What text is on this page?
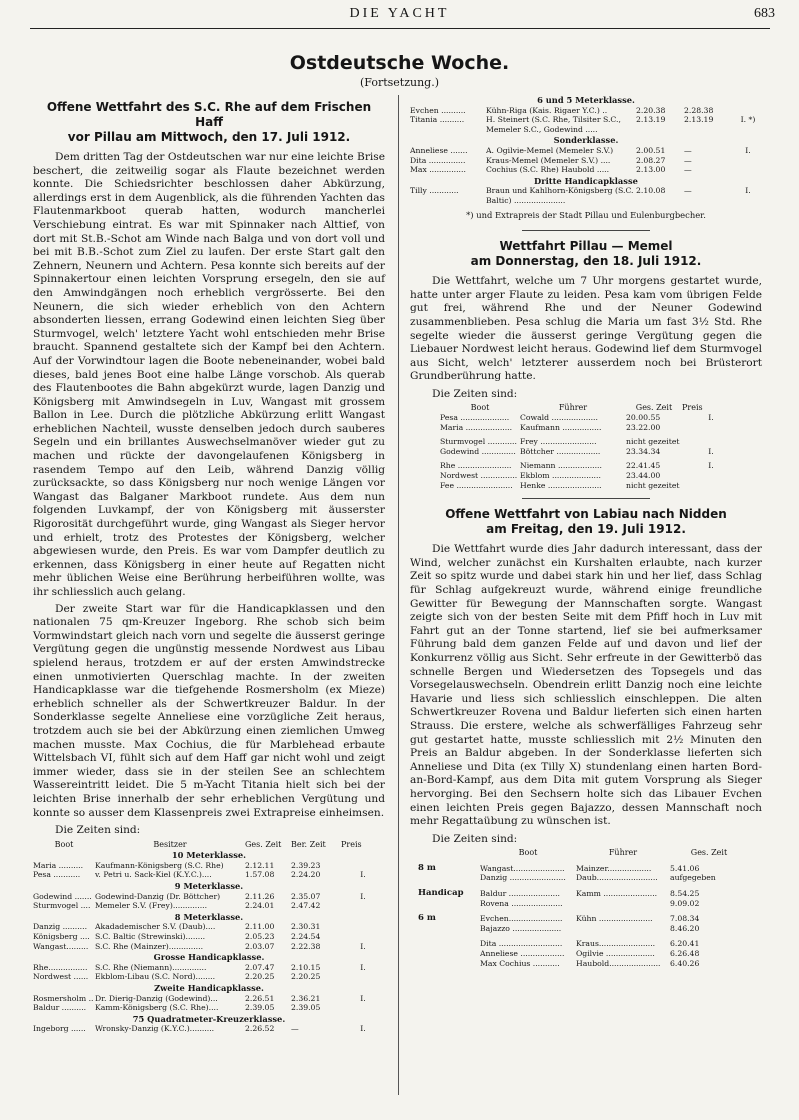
DIE YACHT	683
Ostdeutsche Woche.
(Fortsetzung.)
Offene Wettfahrt des S.C. Rhe auf dem Frischen Haff
vor Pillau am Mittwoch, den 17. Juli 1912.

Dem dritten Tag der Ostdeutschen war nur eine leichte Brise beschert, die zeitweilig sogar als Flaute bezeichnet werden konnte. Die Schiedsrichter beschlossen daher Abkürzung, allerdings erst in dem Augenblick, als die führenden Yachten das Flautenmarkboot querab hatten, wodurch mancherlei Verschiebung eintrat. Es war mit Spinnaker nach Alttief, von dort mit St.B.-Schot am Winde nach Balga und von dort voll und bei mit B.B.-Schot zum Ziel zu laufen. Der erste Start galt den Zehnern, Neunern und Achtern. Pesa konnte sich bereits auf der Spinnakertour einen leichten Vorsprung ersegeln, den sie auf den Amwindgängen noch erheblich vergrösserte. Bei den Neunern, die sich wieder erheblich von den Achtern absonderten liessen, errang Godewind einen leichten Sieg über Sturmvogel, welch' letztere Yacht wohl entschieden mehr Brise braucht. Spannend gestaltete sich der Kampf bei den Achtern. Auf der Vorwindtour lagen die Boote nebeneinander, wobei bald dieses, bald jenes Boot eine halbe Länge vorschob. Als querab des Flautenbootes die Bahn abgekürzt wurde, lagen Danzig und Königsberg mit Amwindsegeln in Luv, Wangast mit grossem Ballon in Lee. Durch die plötzliche Abkürzung erlitt Wangast erheblichen Nachteil, wusste denselben jedoch durch sauberes Segeln und ein brillantes Auswechselmanöver wieder gut zu machen und rückte der davongelaufenen Königsberg in rasendem Tempo auf den Leib, während Danzig völlig zurücksackte, so dass Königsberg nur noch wenige Längen vor Wangast das Balganer Markboot rundete. Aus dem nun folgenden Luvkampf, der von Königsberg mit äusserster Rigorosität durchgeführt wurde, ging Wangast als Sieger hervor und erhielt, trotz des Protestes der Königsberg, welcher abgewiesen wurde, den Preis. Es war vom Dampfer deutlich zu erkennen, dass Königsberg in einer heute auf Regatten nicht mehr üblichen Weise eine Berührung herbeiführen wollte, was ihr schliesslich auch gelang.

Der zweite Start war für die Handicapklassen und den nationalen 75 qm-Kreuzer Ingeborg. Rhe schob sich beim Vormwindstart gleich nach vorn und segelte die äusserst geringe Vergütung gegen die ungünstig messende Nordwest aus Libau spielend heraus, trotzdem er auf der ersten Amwindstrecke einen unmotivierten Querschlag machte. In der zweiten Handicapklasse war die tiefgehende Rosmersholm (ex Mieze) erheblich schneller als der Schwertkreuzer Baldur. In der Sonderklasse segelte Anneliese eine vorzügliche Zeit heraus, trotzdem auch sie bei der Abkürzung einen ziemlichen Umweg machen musste. Max Cochius, die für Marblehead erbaute Wittelsbach VI, fühlt sich auf dem Haff gar nicht wohl und zeigt immer wieder, dass sie in der steilen See an schlechtem Wassereintritt leidet. Die 5 m-Yacht Titania hielt sich bei der leichten Brise innerhalb der sehr erheblichen Vergütung und konnte so ausser dem Klassenpreis zwei Extrapreise einheimsen.

Die Zeiten sind:
Boot	Besitzer	Ges. Zeit	Ber. Zeit	Preis
10 Meterklasse.				
Maria ..........	Kaufmann-Königsberg (S.C. Rhe)	2.12.11	2.39.23	
Pesa ...........	v. Petri u. Sack-Kiel (K.Y.C.)....	1.57.08	2.24.20	I.
9 Meterklasse.				
Godewind .......	Godewind-Danzig (Dr. Böttcher)	2.11.26	2.35.07	I.
Sturmvogel ....	Memeler S.V. (Frey)..............	2.24.01	2.47.42	
8 Meterklasse.				
Danzig ..........	Akadademischer S.V. (Daub)....	2.11.00	2.30.31	
Königsberg ....	S.C. Baltic (Strewinski)........	2.05.23	2.24.54	
Wangast.........	S.C. Rhe (Mainzer)..............	2.03.07	2.22.38	I.
Grosse Handicapklasse.				
Rhe................	S.C. Rhe (Niemann)..............	2.07.47	2.10.15	I.
Nordwest ......	Ekblom-Libau (S.C. Nord)........	2.20.25	2.20.25	
Zweite Handicapklasse.				
Rosmersholm ..	Dr. Dierig-Danzig (Godewind)...	2.26.51	2.36.21	I.
Baldur ..........	Kamm-Königsberg (S.C. Rhe)....	2.39.05	2.39.05	
75 Quadratmeter-Kreuzerklasse.				
Ingeborg ......	Wronsky-Danzig (K.Y.C.)..........	2.26.52	—	I.
6 und 5 Meterklasse.				
Evchen ..........	Kühn-Riga (Kais. Rigaer Y.C.) ..	2.20.38	2.28.38	
Titania ..........	H. Steinert (S.C. Rhe, Tilsiter S.C., Memeler S.C., Godewind .....	2.13.19	2.13.19	I. *)
Sonderklasse.				
Anneliese .......	A. Ogilvie-Memel (Memeler S.V.)	2.00.51	—	I.
Dita ...............	Kraus-Memel (Memeler S.V.) ....	2.08.27	—	
Max ...............	Cochius (S.C. Rhe) Haubold .....	2.13.00	—	
Dritte Handicapklasse				
Tilly ............	Braun und Kahlhorn-Königsberg (S.C. Baltic) .....................	2.10.08	—	I.
*) und Extrapreis der Stadt Pillau und Eulenburgbecher.
Wettfahrt Pillau — Memel
am Donnerstag, den 18. Juli 1912.

Die Wettfahrt, welche um 7 Uhr morgens gestartet wurde, hatte unter arger Flaute zu leiden. Pesa kam vom übrigen Felde gut frei, während Rhe und der Neuner Godewind zusammenblieben. Pesa schlug die Maria um fast 3½ Std. Rhe segelte wieder die äusserst geringe Vergütung gegen die Liebauer Nordwest leicht heraus. Godewind lief dem Sturmvogel aus Sicht, welch' letzterer ausserdem noch bei Brüsterort Grundberührung hatte.

Die Zeiten sind:
Boot	Führer	Ges. Zeit	Preis
Pesa ....................	Cowald ...................	20.00.55	I.
Maria ...................	Kaufmann ................	23.22.00	

Sturmvogel ............	Frey .......................	nicht gezeitet	
Godewind ..............	Böttcher ..................	23.34.34	I.

Rhe ......................	Niemann ..................	22.41.45	I.
Nordwest ...............	Ekblom ....................	23.44.00	
Fee .......................	Henke ......................	nicht gezeitet	
Offene Wettfahrt von Labiau nach Nidden
am Freitag, den 19. Juli 1912.

Die Wettfahrt wurde dies Jahr dadurch interessant, dass der Wind, welcher zunächst ein Kurshalten erlaubte, nach kurzer Zeit so spitz wurde und dabei stark hin und her lief, dass Schlag für Schlag aufgekreuzt wurde, während einige freundliche Gewitter für Bewegung der Mannschaften sorgte. Wangast zeigte sich von der besten Seite mit dem Pfiff hoch in Luv mit Fahrt gut an der Tonne startend, lief sie bei aufmerksamer Führung bald dem ganzen Felde auf und davon und lief der Konkurrenz völlig aus Sicht. Sehr erfreute in der Gewitterbö das schnelle Bergen und Wiedersetzen des Topsegels und das Vorsegelauswechseln. Obendrein erlitt Danzig noch eine leichte Havarie und liess sich schliesslich einschleppen. Die alten Schwertkreuzer Rovena und Baldur lieferten sich einen harten Strauss. Die erstere, welche als schwerfälliges Fahrzeug sehr gut gestartet hatte, musste schliesslich mit 2½ Minuten den Preis an Baldur abgeben. In der Sonderklasse lieferten sich Anneliese und Dita (ex Tilly X) stundenlang einen harten Bord-an-Bord-Kampf, aus dem Dita mit gutem Vorsprung als Sieger hervorging. Bei den Sechsern holte sich das Libauer Evchen einen leichten Preis gegen Bajazzo, dessen Mannschaft noch mehr Regattaübung zu wünschen ist.

Die Zeiten sind:
	Boot	Führer	Ges. Zeit

8 m	Wangast.....................	Mainzer..................	5.41.06
	Danzig .......................	Daub.........................	aufgegeben

Handicap	Baldur .....................	Kamm ......................	8.54.25
	Rovena .....................		9.09.02

6 m	Evchen......................	Kühn ......................	7.08.34
	Bajazzo ....................		8.46.20

	Dita ..........................	Kraus.......................	6.20.41
	Anneliese ..................	Ogilvie ....................	6.26.48
	Max Cochius ...........	Haubold.....................	6.40.26
